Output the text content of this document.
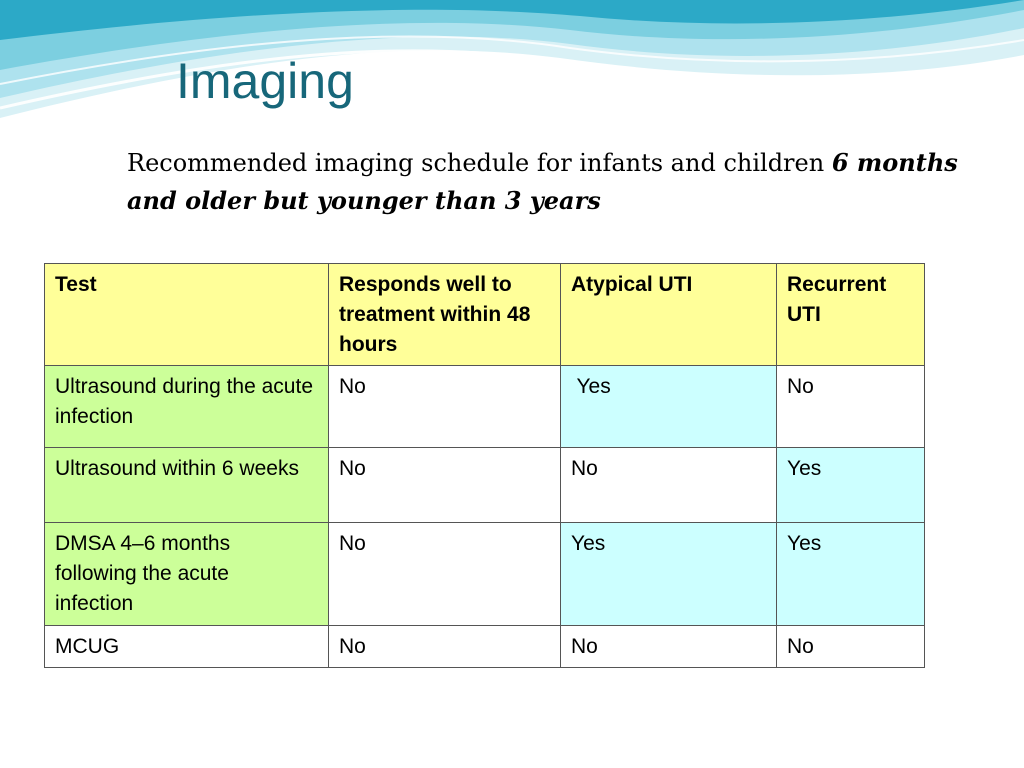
Imaging

Recommended imaging schedule for infants and children 6 months and older but younger than 3 years

Test	Responds well to treatment within 48 hours	Atypical UTI	Recurrent UTI
Ultrasound during the acute infection	No	Yes	No
Ultrasound within 6 weeks	No	No	Yes
DMSA 4–6 months following the acute infection	No	Yes	Yes
MCUG	No	No	No
